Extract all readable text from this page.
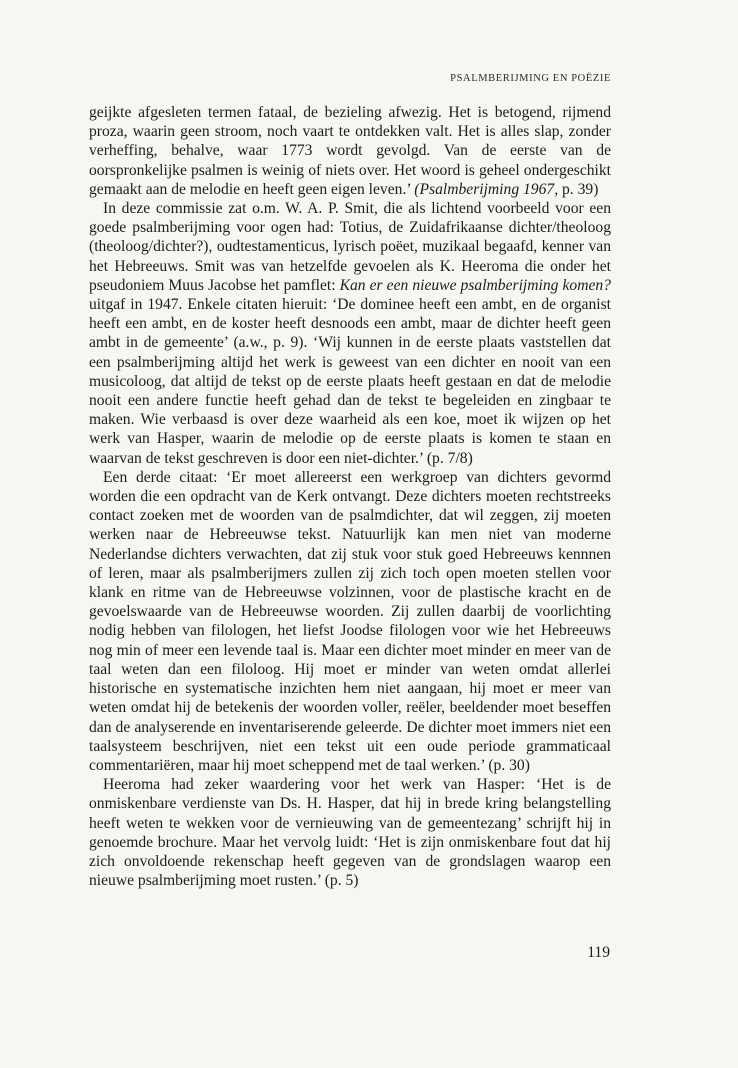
PSALMBERIJMING EN POËZIE

geijkte afgesleten termen fataal, de bezieling afwezig. Het is betogend, rijmend proza, waarin geen stroom, noch vaart te ontdekken valt. Het is alles slap, zonder verheffing, behalve, waar 1773 wordt gevolgd. Van de eerste van de oorspronkelijke psalmen is weinig of niets over. Het woord is geheel ondergeschikt gemaakt aan de melodie en heeft geen eigen leven.’ (Psalmberijming 1967, p. 39)

In deze commissie zat o.m. W. A. P. Smit, die als lichtend voorbeeld voor een goede psalmberijming voor ogen had: Totius, de Zuidafrikaanse dichter/theoloog (theoloog/dichter?), oudtestamenticus, lyrisch poëet, muzikaal begaafd, kenner van het Hebreeuws. Smit was van hetzelfde gevoelen als K. Heeroma die onder het pseudoniem Muus Jacobse het pamflet: Kan er een nieuwe psalmberijming komen? uitgaf in 1947. Enkele citaten hieruit: ‘De dominee heeft een ambt, en de organist heeft een ambt, en de koster heeft desnoods een ambt, maar de dichter heeft geen ambt in de gemeente’ (a.w., p. 9). ‘Wij kunnen in de eerste plaats vaststellen dat een psalmberijming altijd het werk is geweest van een dichter en nooit van een musicoloog, dat altijd de tekst op de eerste plaats heeft gestaan en dat de melodie nooit een andere functie heeft gehad dan de tekst te begeleiden en zingbaar te maken. Wie verbaasd is over deze waarheid als een koe, moet ik wijzen op het werk van Hasper, waarin de melodie op de eerste plaats is komen te staan en waarvan de tekst geschreven is door een niet-dichter.’ (p. 7/8)

Een derde citaat: ‘Er moet allereerst een werkgroep van dichters gevormd worden die een opdracht van de Kerk ontvangt. Deze dichters moeten rechtstreeks contact zoeken met de woorden van de psalmdichter, dat wil zeggen, zij moeten werken naar de Hebreeuwse tekst. Natuurlijk kan men niet van moderne Nederlandse dichters verwachten, dat zij stuk voor stuk goed Hebreeuws kennnen of leren, maar als psalmberijmers zullen zij zich toch open moeten stellen voor klank en ritme van de Hebreeuwse volzinnen, voor de plastische kracht en de gevoelswaarde van de Hebreeuwse woorden. Zij zullen daarbij de voorlichting nodig hebben van filologen, het liefst Joodse filologen voor wie het Hebreeuws nog min of meer een levende taal is. Maar een dichter moet minder en meer van de taal weten dan een filoloog. Hij moet er minder van weten omdat allerlei historische en systematische inzichten hem niet aangaan, hij moet er meer van weten omdat hij de betekenis der woorden voller, reëler, beeldender moet beseffen dan de analyserende en inventariserende geleerde. De dichter moet immers niet een taalsysteem beschrijven, niet een tekst uit een oude periode grammaticaal commentariëren, maar hij moet scheppend met de taal werken.’ (p. 30)

Heeroma had zeker waardering voor het werk van Hasper: ‘Het is de onmiskenbare verdienste van Ds. H. Hasper, dat hij in brede kring belangstelling heeft weten te wekken voor de vernieuwing van de gemeentezang’ schrijft hij in genoemde brochure. Maar het vervolg luidt: ‘Het is zijn onmiskenbare fout dat hij zich onvoldoende rekenschap heeft gegeven van de grondslagen waarop een nieuwe psalmberijming moet rusten.’ (p. 5)

119
